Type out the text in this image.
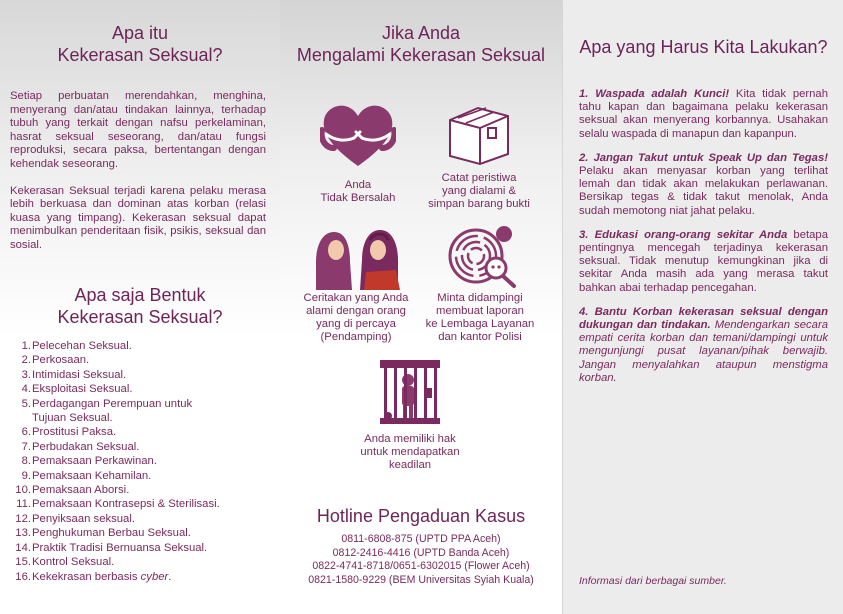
Apa itu
Kekerasan Seksual?

Setiap perbuatan merendahkan, menghina, menyerang dan/atau tindakan lainnya, terhadap tubuh yang terkait dengan nafsu perkelaminan, hasrat seksual seseorang, dan/atau fungsi reproduksi, secara paksa, bertentangan dengan kehendak seseorang.

Kekerasan Seksual terjadi karena pelaku merasa lebih berkuasa dan dominan atas korban (relasi kuasa yang timpang). Kekerasan seksual dapat menimbulkan penderitaan fisik, psikis, seksual dan sosial.

Apa saja Bentuk
Kekerasan Seksual?
1. Pelecehan Seksual.
2. Perkosaan.
3. Intimidasi Seksual.
4. Eksploitasi Seksual.
5. Perdagangan Perempuan untuk
Tujuan Seksual.
6. Prostitusi Paksa.
7. Perbudakan Seksual.
8. Pemaksaan Perkawinan.
9. Pemaksaan Kehamilan.
10. Pemaksaan Aborsi.
11. Pemaksaan Kontrasepsi & Sterilisasi.
12. Penyiksaan seksual.
13. Penghukuman Berbau Seksual.
14. Praktik Tradisi Bernuansa Seksual.
15. Kontrol Seksual.
16. Kekekrasan berbasis cyber.
Jika Anda
Mengalami Kekerasan Seksual
Anda
Tidak Bersalah
Catat peristiwa
yang dialami &
simpan barang bukti
Ceritakan yang Anda
alami dengan orang
yang di percaya
(Pendamping)
Minta didampingi
membuat laporan
ke Lembaga Layanan
dan kantor Polisi
Anda memiliki hak
untuk mendapatkan
keadilan
Hotline Pengaduan Kasus
0811-6808-875 (UPTD PPA Aceh)
0812-2416-4416 (UPTD Banda Aceh)
0822-4741-8718/0651-6302015 (Flower Aceh)
0821-1580-9229 (BEM Universitas Syiah Kuala)
Apa yang Harus Kita Lakukan?

1. Waspada adalah Kunci! Kita tidak pernah tahu kapan dan bagaimana pelaku kekerasan seksual akan menyerang korbannya. Usahakan selalu waspada di manapun dan kapanpun.

2. Jangan Takut untuk Speak Up dan Tegas! Pelaku akan menyasar korban yang terlihat lemah dan tidak akan melakukan perlawanan. Bersikap tegas & tidak takut menolak, Anda sudah memotong niat jahat pelaku.

3. Edukasi orang-orang sekitar Anda betapa pentingnya mencegah terjadinya kekerasan seksual. Tidak menutup kemungkinan jika di sekitar Anda masih ada yang merasa takut bahkan abai terhadap pencegahan.

4. Bantu Korban kekerasan seksual dengan dukungan dan tindakan. Mendengarkan secara empati cerita korban dan temani/dampingi untuk mengunjungi pusat layanan/pihak berwajib. Jangan menyalahkan ataupun menstigma korban.

Informasi dari berbagai sumber.
